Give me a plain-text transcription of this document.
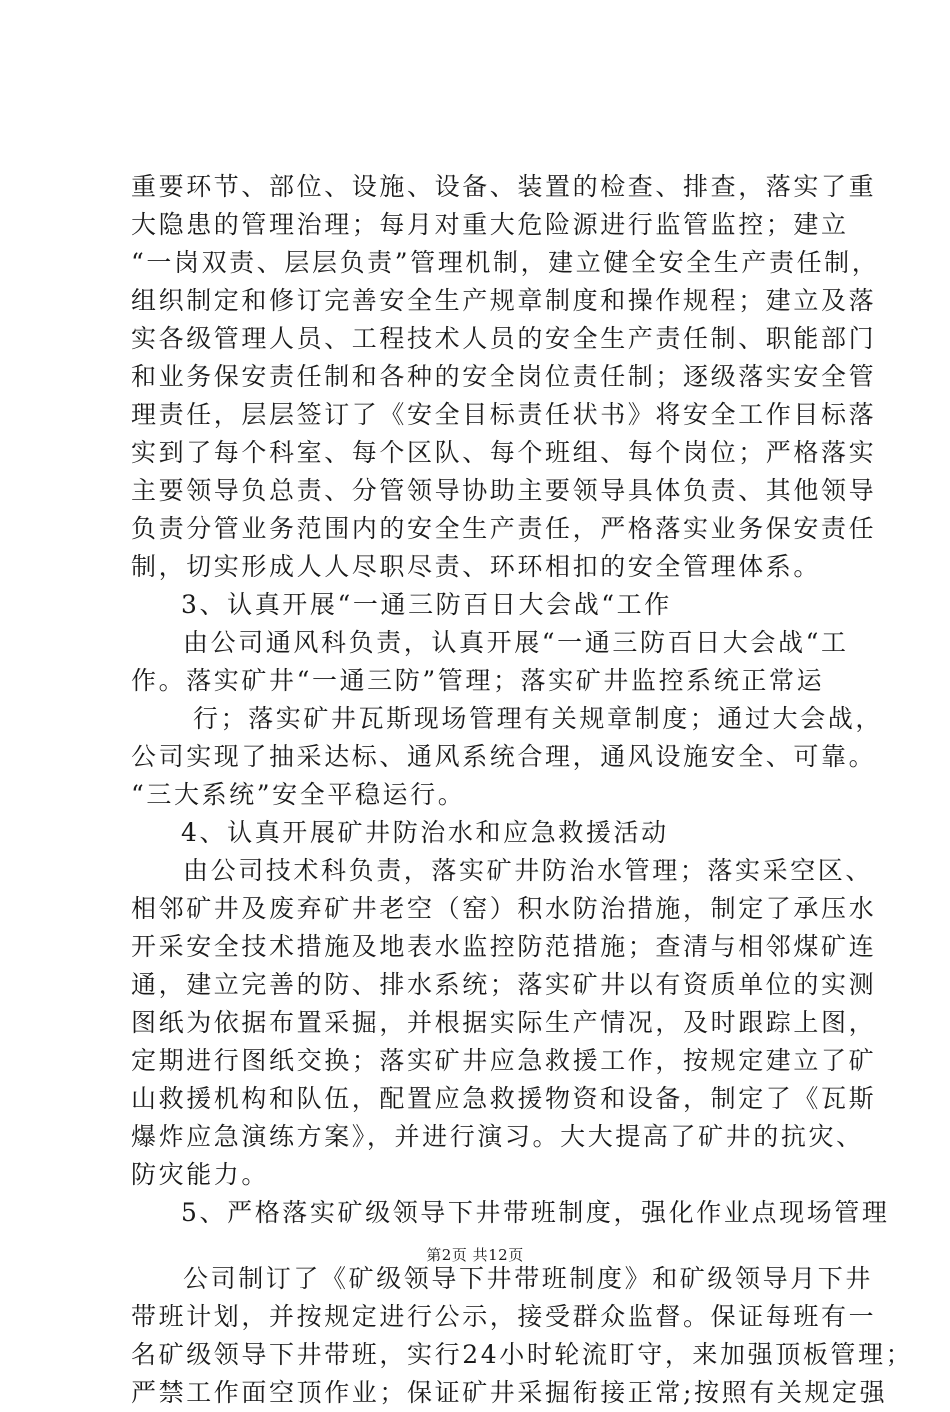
重要环节、部位、设施、设备、装置的检查、排查，落实了重
大隐患的管理治理；每月对重大危险源进行监管监控；建立
“一岗双责、层层负责”管理机制，建立健全安全生产责任制，
组织制定和修订完善安全生产规章制度和操作规程；建立及落
实各级管理人员、工程技术人员的安全生产责任制、职能部门
和业务保安责任制和各种的安全岗位责任制；逐级落实安全管
理责任，层层签订了《安全目标责任状书》将安全工作目标落
实到了每个科室、每个区队、每个班组、每个岗位；严格落实
主要领导负总责、分管领导协助主要领导具体负责、其他领导
负责分管业务范围内的安全生产责任，严格落实业务保安责任
制，切实形成人人尽职尽责、环环相扣的安全管理体系。
3、认真开展“一通三防百日大会战“工作
由公司通风科负责，认真开展“一通三防百日大会战“工
作。落实矿井“一通三防”管理；落实矿井监控系统正常运
行；落实矿井瓦斯现场管理有关规章制度；通过大会战，
公司实现了抽采达标、通风系统合理，通风设施安全、可靠。
“三大系统”安全平稳运行。
4、认真开展矿井防治水和应急救援活动
由公司技术科负责，落实矿井防治水管理；落实采空区、
相邻矿井及废弃矿井老空（窑）积水防治措施，制定了承压水
开采安全技术措施及地表水监控防范措施；查清与相邻煤矿连
通，建立完善的防、排水系统；落实矿井以有资质单位的实测
图纸为依据布置采掘，并根据实际生产情况，及时跟踪上图，
定期进行图纸交换；落实矿井应急救援工作，按规定建立了矿
山救援机构和队伍，配置应急救援物资和设备，制定了《瓦斯
爆炸应急演练方案》，并进行演习。大大提高了矿井的抗灾、
防灾能力。
5、严格落实矿级领导下井带班制度，强化作业点现场管理
公司制订了《矿级领导下井带班制度》和矿级领导月下井
带班计划，并按规定进行公示，接受群众监督。保证每班有一
名矿级领导下井带班，实行24小时轮流盯守，来加强顶板管理；
严禁工作面空顶作业；保证矿井采掘衔接正常;按照有关规定强
第2页 共12页
